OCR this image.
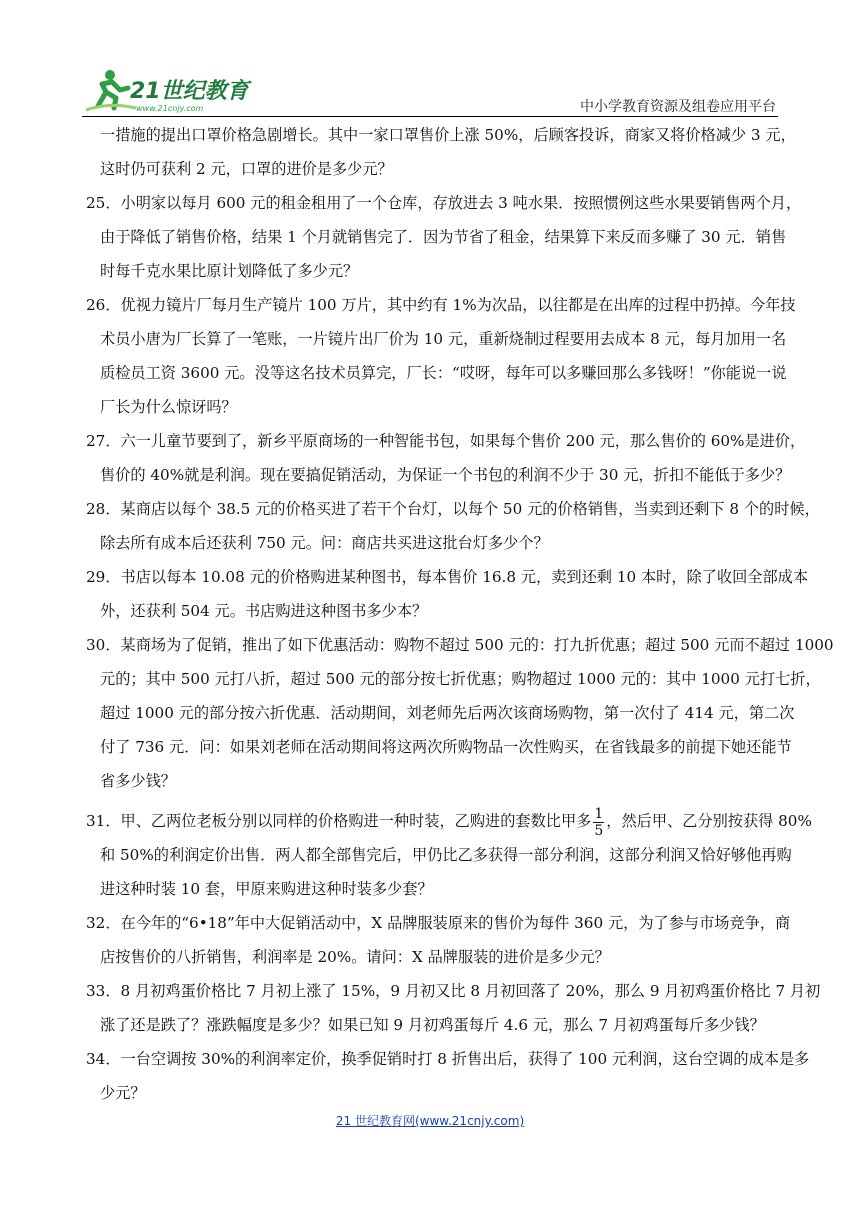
21世纪教育
www.21cnjy.com	中小学教育资源及组卷应用平台
一措施的提出口罩价格急剧增长。其中一家口罩售价上涨 50%，后顾客投诉，商家又将价格减少 3 元，
这时仍可获利 2 元，口罩的进价是多少元？
25．小明家以每月 600 元的租金租用了一个仓库，存放进去 3 吨水果．按照惯例这些水果要销售两个月，
由于降低了销售价格，结果 1 个月就销售完了．因为节省了租金，结果算下来反而多赚了 30 元．销售
时每千克水果比原计划降低了多少元？
26．优视力镜片厂每月生产镜片 100 万片，其中约有 1%为次品，以往都是在出库的过程中扔掉。今年技
术员小唐为厂长算了一笔账，一片镜片出厂价为 10 元，重新烧制过程要用去成本 8 元，每月加用一名
质检员工资 3600 元。没等这名技术员算完，厂长：“哎呀，每年可以多赚回那么多钱呀！”你能说一说
厂长为什么惊讶吗？
27．六一儿童节要到了，新乡平原商场的一种智能书包，如果每个售价 200 元，那么售价的 60%是进价，
售价的 40%就是利润。现在要搞促销活动，为保证一个书包的利润不少于 30 元，折扣不能低于多少？
28．某商店以每个 38.5 元的价格买进了若干个台灯，以每个 50 元的价格销售，当卖到还剩下 8 个的时候，
除去所有成本后还获利 750 元。问：商店共买进这批台灯多少个？
29．书店以每本 10.08 元的价格购进某种图书，每本售价 16.8 元，卖到还剩 10 本时，除了收回全部成本
外，还获利 504 元。书店购进这种图书多少本？
30．某商场为了促销，推出了如下优惠活动：购物不超过 500 元的：打九折优惠；超过 500 元而不超过 1000
元的；其中 500 元打八折，超过 500 元的部分按七折优惠；购物超过 1000 元的：其中 1000 元打七折，
超过 1000 元的部分按六折优惠．活动期间，刘老师先后两次该商场购物，第一次付了 414 元，第二次
付了 736 元．问：如果刘老师在活动期间将这两次所购物品一次性购买，在省钱最多的前提下她还能节
省多少钱？
31．甲、乙两位老板分别以同样的价格购进一种时装，乙购进的套数比甲多 $\frac{1}{5}$ ，然后甲、乙分别按获得 80%
和 50%的利润定价出售．两人都全部售完后，甲仍比乙多获得一部分利润，这部分利润又恰好够他再购
进这种时装 10 套，甲原来购进这种时装多少套？
32．在今年的“6•18”年中大促销活动中，X 品牌服装原来的售价为每件 360 元，为了参与市场竞争，商
店按售价的八折销售，利润率是 20%。请问：X 品牌服装的进价是多少元？
33．8 月初鸡蛋价格比 7 月初上涨了 15%，9 月初又比 8 月初回落了 20%，那么 9 月初鸡蛋价格比 7 月初
涨了还是跌了？涨跌幅度是多少？如果已知 9 月初鸡蛋每斤 4.6 元，那么 7 月初鸡蛋每斤多少钱？
34．一台空调按 30%的利润率定价，换季促销时打 8 折售出后，获得了 100 元利润，这台空调的成本是多
少元？
21 世纪教育网(www.21cnjy.com)
